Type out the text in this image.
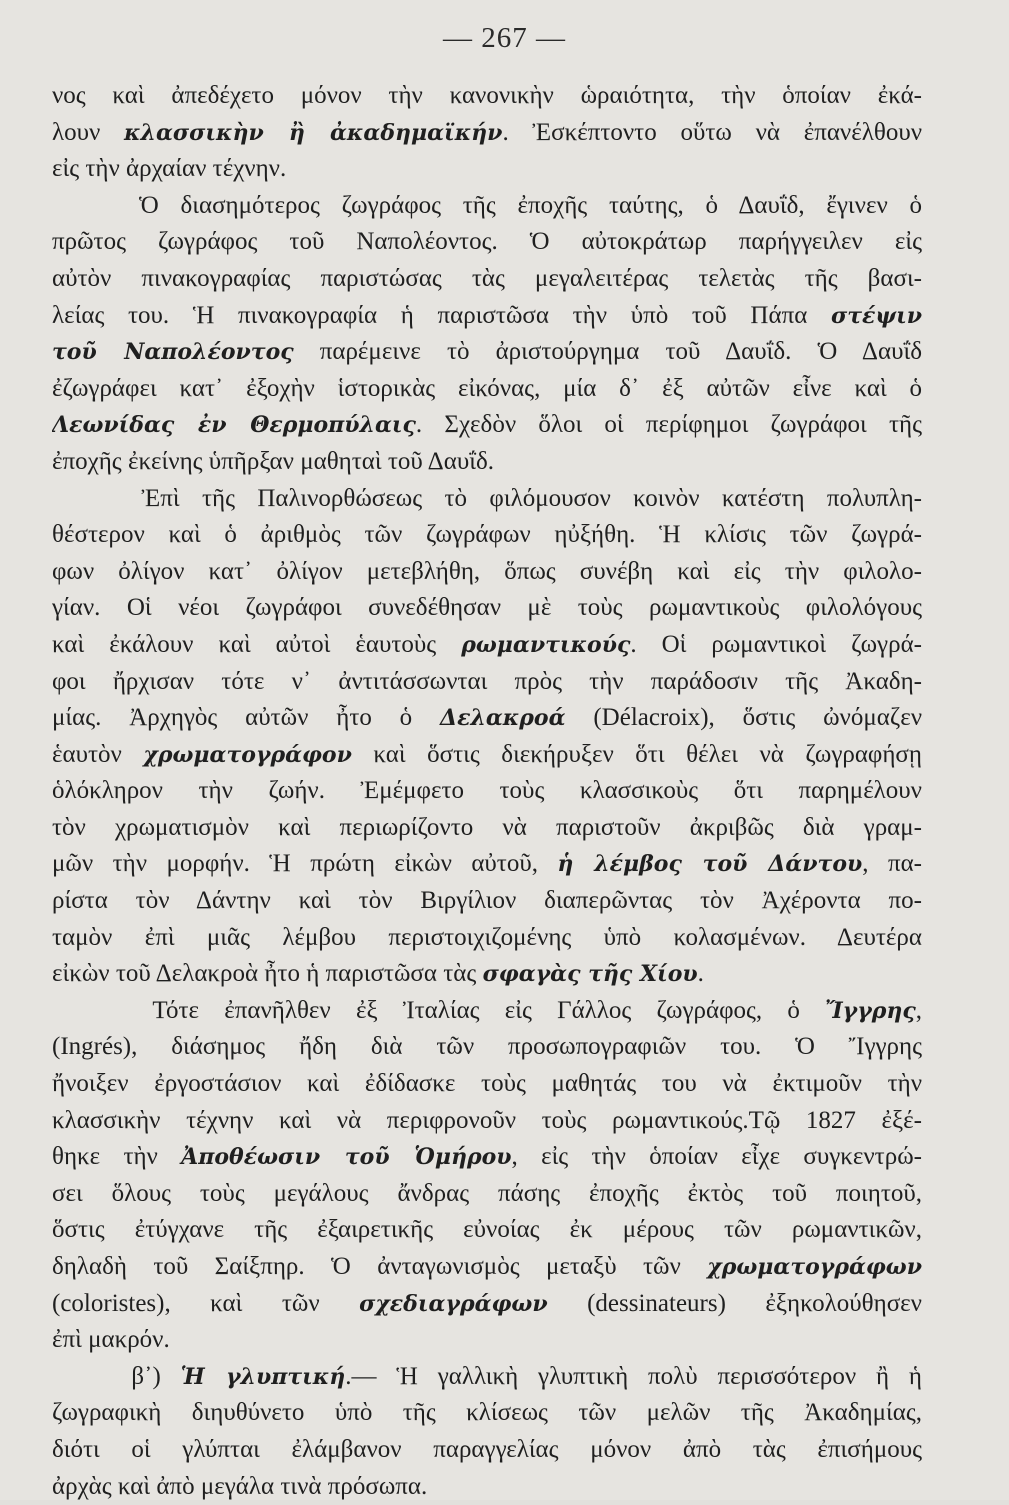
— 267 —
νος καὶ ἀπεδέχετο μόνον τὴν κανονικὴν ὡραιότητα, τὴν ὁποίαν ἐκά-
λουν κλασσικὴν ἢ ἀκαδημαϊκήν. Ἐσκέπτοντο οὕτω νὰ ἐπανέλθουν
εἰς τὴν ἀρχαίαν τέχνην.
Ὁ διασημότερος ζωγράφος τῆς ἐποχῆς ταύτης, ὁ Δαυΐδ, ἔγινεν ὁ
πρῶτος ζωγράφος τοῦ Ναπολέοντος. Ὁ αὐτοκράτωρ παρήγγειλεν εἰς
αὐτὸν πινακογραφίας παριστώσας τὰς μεγαλειτέρας τελετὰς τῆς βασι-
λείας του. Ἡ πινακογραφία ἡ παριστῶσα τὴν ὑπὸ τοῦ Πάπα στέψιν
τοῦ Ναπολέοντος παρέμεινε τὸ ἀριστούργημα τοῦ Δαυΐδ. Ὁ Δαυΐδ
ἐζωγράφει κατ᾽ ἐξοχὴν ἱστορικὰς εἰκόνας, μία δ᾽ ἐξ αὐτῶν εἶνε καὶ ὁ
Λεωνίδας ἐν Θερμοπύλαις. Σχεδὸν ὅλοι οἱ περίφημοι ζωγράφοι τῆς
ἐποχῆς ἐκείνης ὑπῆρξαν μαθηταὶ τοῦ Δαυΐδ.
Ἐπὶ τῆς Παλινορθώσεως τὸ φιλόμουσον κοινὸν κατέστη πολυπλη-
θέστερον καὶ ὁ ἀριθμὸς τῶν ζωγράφων ηὐξήθη. Ἡ κλίσις τῶν ζωγρά-
φων ὀλίγον κατ᾽ ὀλίγον μετεβλήθη, ὅπως συνέβη καὶ εἰς τὴν φιλολο-
γίαν. Οἱ νέοι ζωγράφοι συνεδέθησαν μὲ τοὺς ρωμαντικοὺς φιλολόγους
καὶ ἐκάλουν καὶ αὐτοὶ ἑαυτοὺς ρωμαντικούς. Οἱ ρωμαντικοὶ ζωγρά-
φοι ἤρχισαν τότε ν᾽ ἀντιτάσσωνται πρὸς τὴν παράδοσιν τῆς Ἀκαδη-
μίας. Ἀρχηγὸς αὐτῶν ἦτο ὁ Δελακροά (Délacroix), ὅστις ὠνόμαζεν
ἑαυτὸν χρωματογράφον καὶ ὅστις διεκήρυξεν ὅτι θέλει νὰ ζωγραφήσῃ
ὁλόκληρον τὴν ζωήν. Ἐμέμφετο τοὺς κλασσικοὺς ὅτι παρημέλουν
τὸν χρωματισμὸν καὶ περιωρίζοντο νὰ παριστοῦν ἀκριβῶς διὰ γραμ-
μῶν τὴν μορφήν. Ἡ πρώτη εἰκὼν αὐτοῦ, ἡ λέμβος τοῦ Δάντου, πα-
ρίστα τὸν Δάντην καὶ τὸν Βιργίλιον διαπερῶντας τὸν Ἀχέροντα πο-
ταμὸν ἐπὶ μιᾶς λέμβου περιστοιχιζομένης ὑπὸ κολασμένων. Δευτέρα
εἰκὼν τοῦ Δελακροὰ ἦτο ἡ παριστῶσα τὰς σφαγὰς τῆς Χίου.
Τότε ἐπανῆλθεν ἐξ Ἰταλίας εἰς Γάλλος ζωγράφος, ὁ Ἴγγρης,
(Ingrés), διάσημος ἤδη διὰ τῶν προσωπογραφιῶν του. Ὁ Ἴγγρης
ἤνοιξεν ἐργοστάσιον καὶ ἐδίδασκε τοὺς μαθητάς του νὰ ἐκτιμοῦν τὴν
κλασσικὴν τέχνην καὶ νὰ περιφρονοῦν τοὺς ρωμαντικούς.Τῷ 1827 ἐξέ-
θηκε τὴν Ἀποθέωσιν τοῦ Ὁμήρου, εἰς τὴν ὁποίαν εἶχε συγκεντρώ-
σει ὅλους τοὺς μεγάλους ἄνδρας πάσης ἐποχῆς ἐκτὸς τοῦ ποιητοῦ,
ὅστις ἐτύγχανε τῆς ἐξαιρετικῆς εὐνοίας ἐκ μέρους τῶν ρωμαντικῶν,
δηλαδὴ τοῦ Σαίξπηρ. Ὁ ἀνταγωνισμὸς μεταξὺ τῶν χρωματογράφων
(coloristes), καὶ τῶν σχεδιαγράφων (dessinateurs) ἐξηκολούθησεν
ἐπὶ μακρόν.
β᾽) Ἡ γλυπτική.— Ἡ γαλλικὴ γλυπτικὴ πολὺ περισσότερον ἢ ἡ
ζωγραφικὴ διηυθύνετο ὑπὸ τῆς κλίσεως τῶν μελῶν τῆς Ἀκαδημίας,
διότι οἱ γλύπται ἐλάμβανον παραγγελίας μόνον ἀπὸ τὰς ἐπισήμους
ἀρχὰς καὶ ἀπὸ μεγάλα τινὰ πρόσωπα.
